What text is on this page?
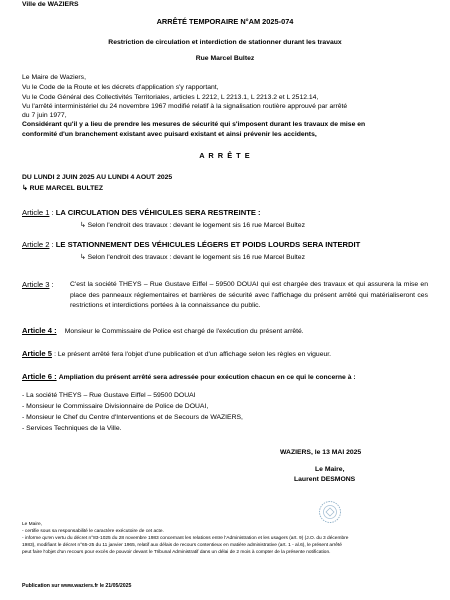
Ville de WAZIERS

ARRÊTÉ TEMPORAIRE N°AM 2025-074

Restriction de circulation et interdiction de stationner durant les travaux

Rue Marcel Bultez

Le Maire de Waziers,

Vu le Code de la Route et les décrets d'application s'y rapportant,

Vu le Code Général des Collectivités Territoriales, articles L 2212, L 2213.1, L 2213.2 et L 2512.14,

Vu l'arrêté interministériel du 24 novembre 1967 modifié relatif à la signalisation routière approuvé par arrêté

du 7 juin 1977,

Considérant qu'il y a lieu de prendre les mesures de sécurité qui s'imposent durant les travaux de mise en

conformité d'un branchement existant avec puisard existant et ainsi prévenir les accidents,

A R R Ê T E

DU LUNDI 2 JUIN 2025 AU LUNDI 4 AOUT 2025

↳ RUE MARCEL BULTEZ

Article 1 : LA CIRCULATION DES VÉHICULES SERA RESTREINTE :

↳ Selon l'endroit des travaux : devant le logement sis 16 rue Marcel Bultez

Article 2 : LE STATIONNEMENT DES VÉHICULES LÉGERS ET POIDS LOURDS SERA INTERDIT

↳ Selon l'endroit des travaux : devant le logement sis 16 rue Marcel Bultez

Article 3 : C'est la société THEYS – Rue Gustave Eiffel – 59500 DOUAI qui est chargée des travaux et qui assurera la mise en place des panneaux réglementaires et barrières de sécurité avec l'affichage du présent arrêté qui matérialiseront ces restrictions et interdictions portées à la connaissance du public.

Article 4 : Monsieur le Commissaire de Police est chargé de l'exécution du présent arrêté.

Article 5 : Le présent arrêté fera l'objet d'une publication et d'un affichage selon les règles en vigueur.

Article 6 : Ampliation du présent arrêté sera adressée pour exécution chacun en ce qui le concerne à :

- La société THEYS – Rue Gustave Eiffel – 59500 DOUAI

- Monsieur le Commissaire Divisionnaire de Police de DOUAI,

- Monsieur le Chef du Centre d'Interventions et de Secours de WAZIERS,

- Services Techniques de la Ville.

WAZIERS, le 13 MAI 2025

Le Maire,

Laurent DESMONS

Le Maire,

- certifie sous sa responsabilité le caractère exécutoire de cet acte.

- informe qu'en vertu du décret n°83-1025 du 28 novembre 1983 concernant les relations entre l'Administration et les usagers (art. 9) (J.O. du 3 décembre

1983), modifiant le décret n°65-25 du 11 janvier 1965, relatif aux délais de recours contentieux en matière administrative (art. 1 - al.6), le présent arrêté

peut faire l'objet d'un recours pour excès de pouvoir devant le Tribunal Administratif dans un délai de 2 mois à compter de la présente notification.

Publication sur www.waziers.fr le 21/05/2025
